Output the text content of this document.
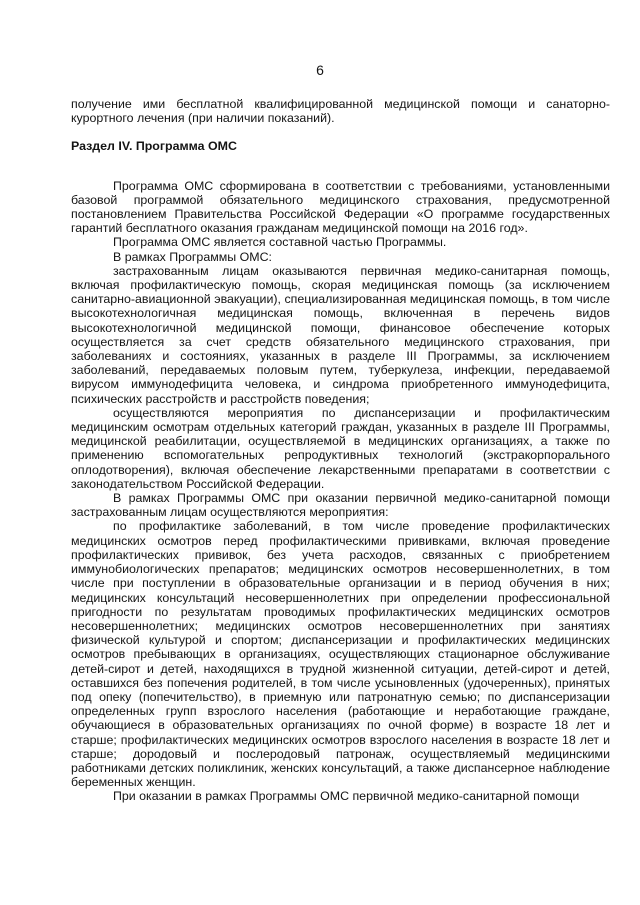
6

получение ими бесплатной квалифицированной медицинской помощи и санаторно-курортного лечения (при наличии показаний).

Раздел IV. Программа ОМС

Программа ОМС сформирована в соответствии с требованиями, установленными базовой программой обязательного медицинского страхования, предусмотренной постановлением Правительства Российской Федерации «О программе государственных гарантий бесплатного оказания гражданам медицинской помощи на 2016 год».

Программа ОМС является составной частью Программы.

В рамках Программы ОМС:

застрахованным лицам оказываются первичная медико-санитарная помощь, включая профилактическую помощь, скорая медицинская помощь (за исключением санитарно-авиационной эвакуации), специализированная медицинская помощь, в том числе высокотехнологичная медицинская помощь, включенная в перечень видов высокотехнологичной медицинской помощи, финансовое обеспечение которых осуществляется за счет средств обязательного медицинского страхования, при заболеваниях и состояниях, указанных в разделе III Программы, за исключением заболеваний, передаваемых половым путем, туберкулеза, инфекции, передаваемой вирусом иммунодефицита человека, и синдрома приобретенного иммунодефицита, психических расстройств и расстройств поведения;

осуществляются мероприятия по диспансеризации и профилактическим медицинским осмотрам отдельных категорий граждан, указанных в разделе III Программы, медицинской реабилитации, осуществляемой в медицинских организациях, а также по применению вспомогательных репродуктивных технологий (экстракорпорального оплодотворения), включая обеспечение лекарственными препаратами в соответствии с законодательством Российской Федерации.

В рамках Программы ОМС при оказании первичной медико-санитарной помощи застрахованным лицам осуществляются мероприятия:

по профилактике заболеваний, в том числе проведение профилактических медицинских осмотров перед профилактическими прививками, включая проведение профилактических прививок, без учета расходов, связанных с приобретением иммунобиологических препаратов; медицинских осмотров несовершеннолетних, в том числе при поступлении в образовательные организации и в период обучения в них; медицинских консультаций несовершеннолетних при определении профессиональной пригодности по результатам проводимых профилактических медицинских осмотров несовершеннолетних; медицинских осмотров несовершеннолетних при занятиях физической культурой и спортом; диспансеризации и профилактических медицинских осмотров пребывающих в организациях, осуществляющих стационарное обслуживание детей-сирот и детей, находящихся в трудной жизненной ситуации, детей-сирот и детей, оставшихся без попечения родителей, в том числе усыновленных (удочеренных), принятых под опеку (попечительство), в приемную или патронатную семью; по диспансеризации определенных групп взрослого населения (работающие и неработающие граждане, обучающиеся в образовательных организациях по очной форме) в возрасте 18 лет и старше; профилактических медицинских осмотров взрослого населения в возрасте 18 лет и старше; дородовый и послеродовый патронаж, осуществляемый медицинскими работниками детских поликлиник, женских консультаций, а также диспансерное наблюдение беременных женщин.

При оказании в рамках Программы ОМС первичной медико-санитарной помощи
